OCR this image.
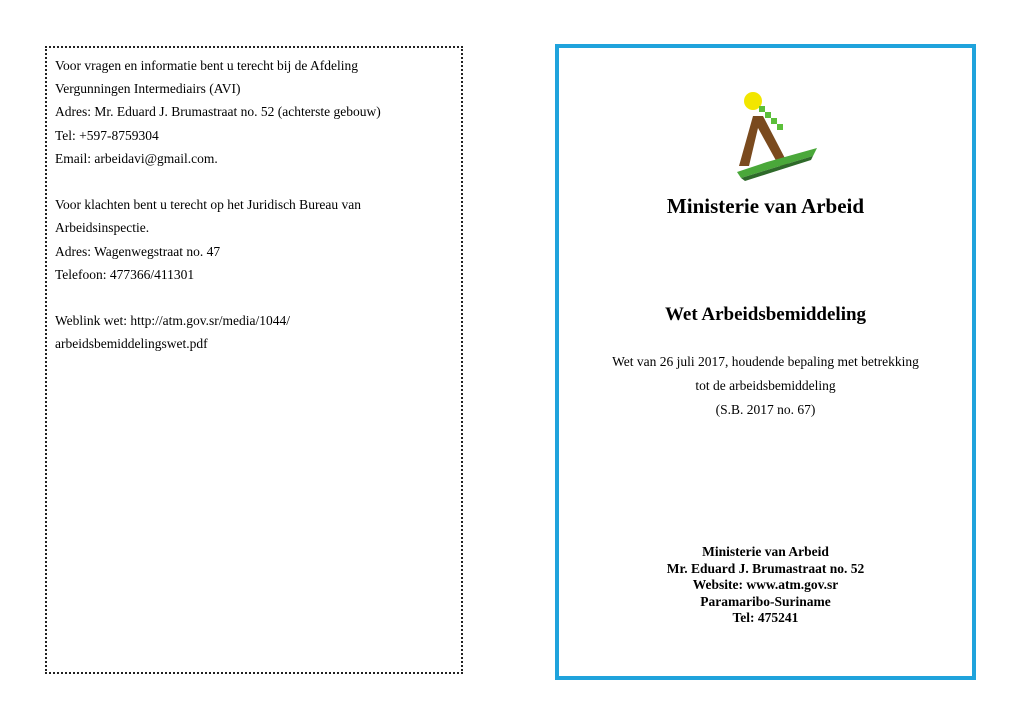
Voor vragen en informatie bent u terecht bij de Afdeling
Vergunningen Intermediairs (AVI)
Adres: Mr. Eduard J. Brumastraat no. 52 (achterste gebouw)
Tel: +597-8759304
Email: arbeidavi@gmail.com.
Voor klachten bent u terecht op het Juridisch Bureau van
Arbeidsinspectie.
Adres: Wagenwegstraat no. 47
Telefoon: 477366/411301
Weblink wet: http://atm.gov.sr/media/1044/
arbeidsbemiddelingswet.pdf
Ministerie van Arbeid
Wet Arbeidsbemiddeling
Wet van 26 juli 2017, houdende bepaling met betrekking
tot de arbeidsbemiddeling
(S.B. 2017 no. 67)
Ministerie van Arbeid
Mr. Eduard J. Brumastraat no. 52
Website: www.atm.gov.sr
Paramaribo-Suriname
Tel: 475241
